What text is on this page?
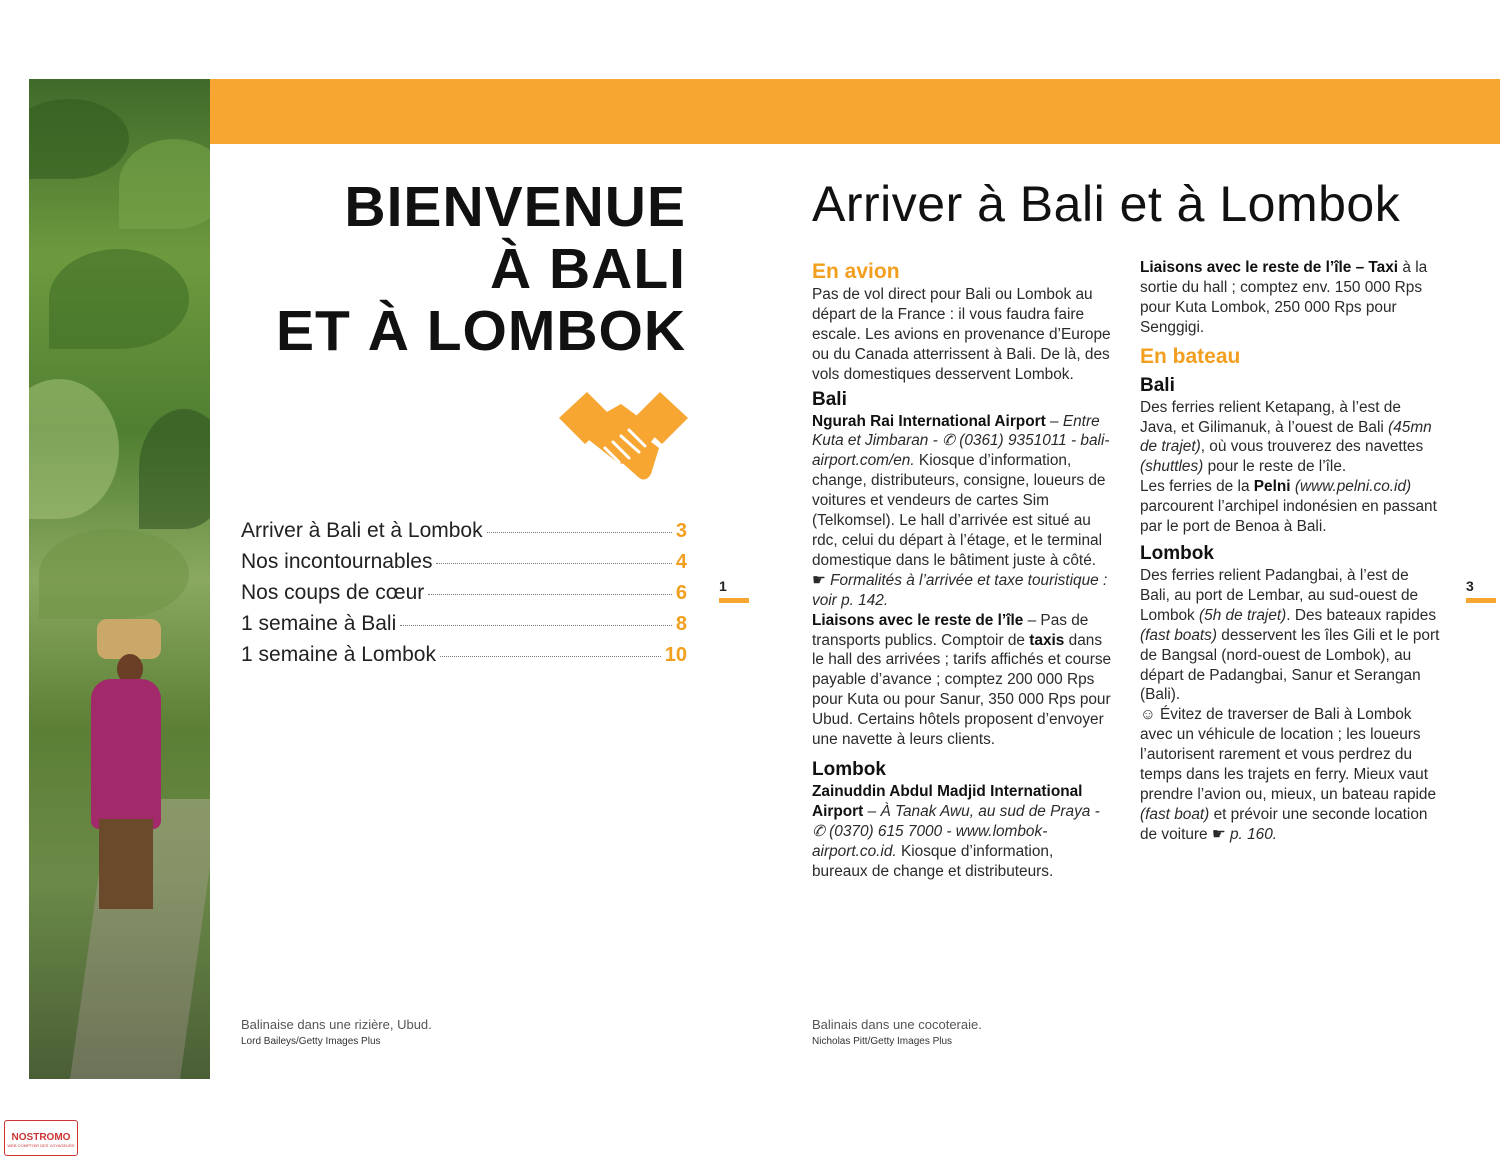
BIENVENUE
À BALI
ET À LOMBOK
Arriver à Bali et à Lombok	3
Nos incontournables	4
Nos coups de cœur	6
1 semaine à Bali	8
1 semaine à Lombok	10
1
Balinaise dans une rizière, Ubud.
Lord Baileys/Getty Images Plus
Arriver à Bali et à Lombok
En avion

Pas de vol direct pour Bali ou Lombok au départ de la France : il vous faudra faire escale. Les avions en provenance d’Europe ou du Canada atterrissent à Bali. De là, des vols domestiques desservent Lombok.

Bali

Ngurah Rai International Airport – Entre Kuta et Jimbaran - ✆ (0361) 9351011 - bali-airport.com/en. Kiosque d’information, change, distributeurs, consigne, loueurs de voitures et vendeurs de cartes Sim (Telkomsel). Le hall d’arrivée est situé au rdc, celui du départ à l’étage, et le terminal domestique dans le bâtiment juste à côté.

☛ Formalités à l’arrivée et taxe touristique : voir p. 142.

Liaisons avec le reste de l’île – Pas de transports publics. Comptoir de taxis dans le hall des arrivées ; tarifs affichés et course payable d’avance ; comptez 200 000 Rps pour Kuta ou pour Sanur, 350 000 Rps pour Ubud. Certains hôtels proposent d’envoyer une navette à leurs clients.

Lombok

Zainuddin Abdul Madjid International Airport – À Tanak Awu, au sud de Praya - ✆ (0370) 615 7000 - www.lombok-airport.co.id. Kiosque d’information, bureaux de change et distributeurs.

Liaisons avec le reste de l’île – Taxi à la sortie du hall ; comptez env. 150 000 Rps pour Kuta Lombok, 250 000 Rps pour Senggigi.

En bateau
Bali

Des ferries relient Ketapang, à l’est de Java, et Gilimanuk, à l’ouest de Bali (45mn de trajet), où vous trouverez des navettes (shuttles) pour le reste de l’île.

Les ferries de la Pelni (www.pelni.co.id) parcourent l’archipel indonésien en passant par le port de Benoa à Bali.

Lombok

Des ferries relient Padangbai, à l’est de Bali, au port de Lembar, au sud-ouest de Lombok (5h de trajet). Des bateaux rapides (fast boats) desservent les îles Gili et le port de Bangsal (nord-ouest de Lombok), au départ de Padangbai, Sanur et Serangan (Bali).

☺ Évitez de traverser de Bali à Lombok avec un véhicule de location ; les loueurs l’autorisent rarement et vous perdrez du temps dans les trajets en ferry. Mieux vaut prendre l’avion ou, mieux, un bateau rapide (fast boat) et prévoir une seconde location de voiture ☛ p. 160.

3
Balinais dans une cocoteraie.
Nicholas Pitt/Getty Images Plus
NOSTROMO
WEB COMPTOIR DES VOYAGEURS
